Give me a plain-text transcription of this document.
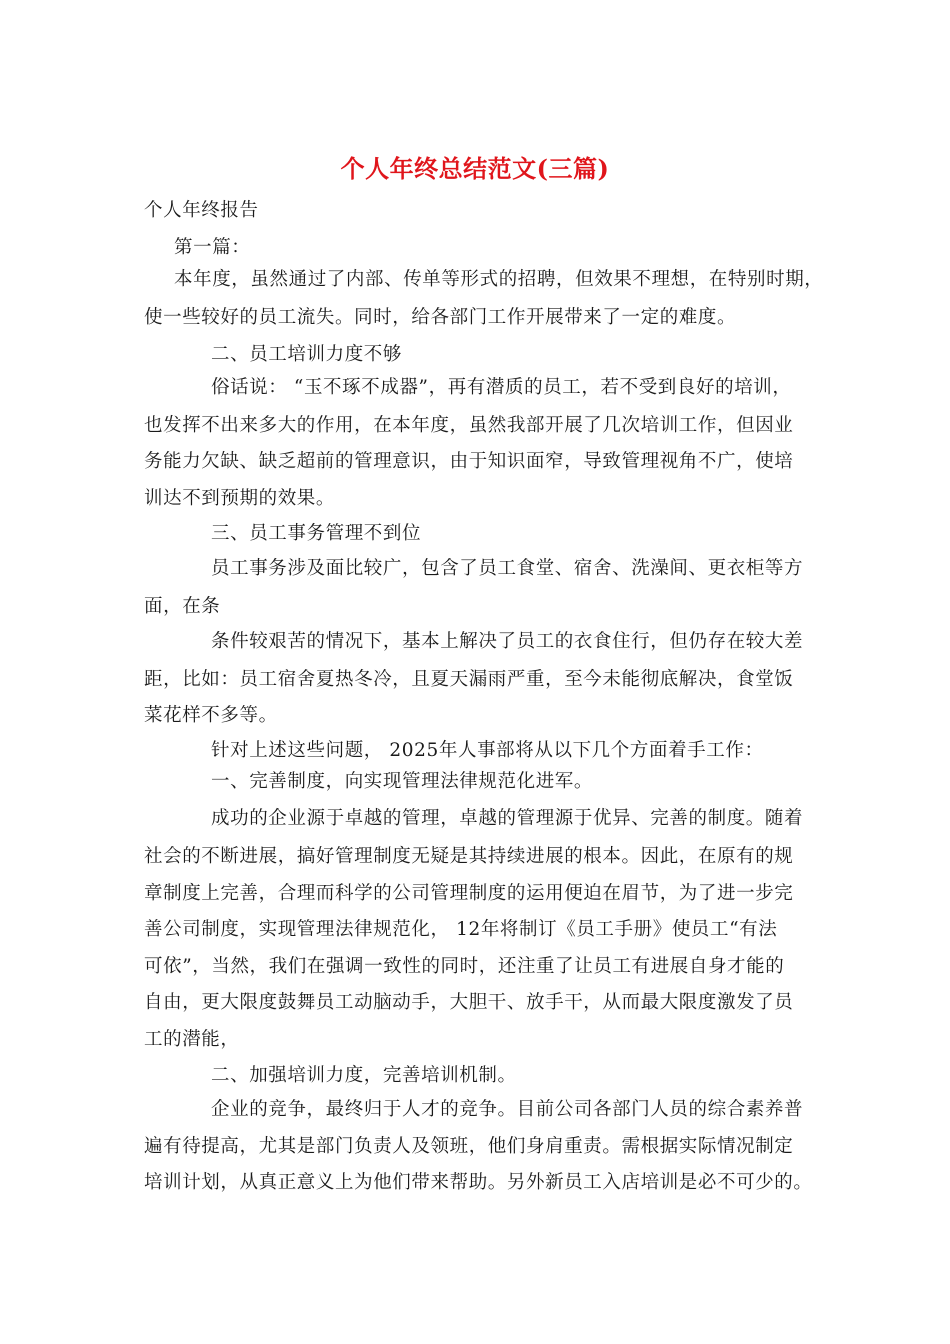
个人年终总结范文(三篇)
个人年终报告
第一篇：
本年度，虽然通过了内部、传单等形式的招聘，但效果不理想，在特别时期，
使一些较好的员工流失。同时，给各部门工作开展带来了一定的难度。
二、员工培训力度不够
俗话说： “玉不琢不成器”，再有潜质的员工，若不受到良好的培训，
也发挥不出来多大的作用，在本年度，虽然我部开展了几次培训工作，但因业
务能力欠缺、缺乏超前的管理意识，由于知识面窄，导致管理视角不广，使培
训达不到预期的效果。
三、员工事务管理不到位
员工事务涉及面比较广，包含了员工食堂、宿舍、洗澡间、更衣柜等方
面，在条
条件较艰苦的情况下，基本上解决了员工的衣食住行，但仍存在较大差
距，比如：员工宿舍夏热冬冷，且夏天漏雨严重，至今未能彻底解决，食堂饭
菜花样不多等。
针对上述这些问题， 2025年人事部将从以下几个方面着手工作：
一、完善制度，向实现管理法律规范化进军。
成功的企业源于卓越的管理，卓越的管理源于优异、完善的制度。随着
社会的不断进展，搞好管理制度无疑是其持续进展的根本。因此，在原有的规
章制度上完善，合理而科学的公司管理制度的运用便迫在眉节，为了进一步完
善公司制度，实现管理法律规范化， 12年将制订《员工手册》使员工“有法
可依”，当然，我们在强调一致性的同时，还注重了让员工有进展自身才能的
自由，更大限度鼓舞员工动脑动手，大胆干、放手干，从而最大限度激发了员
工的潜能，
二、加强培训力度，完善培训机制。
企业的竞争，最终归于人才的竞争。目前公司各部门人员的综合素养普
遍有待提高，尤其是部门负责人及领班，他们身肩重责。需根据实际情况制定
培训计划，从真正意义上为他们带来帮助。另外新员工入店培训是必不可少的。
